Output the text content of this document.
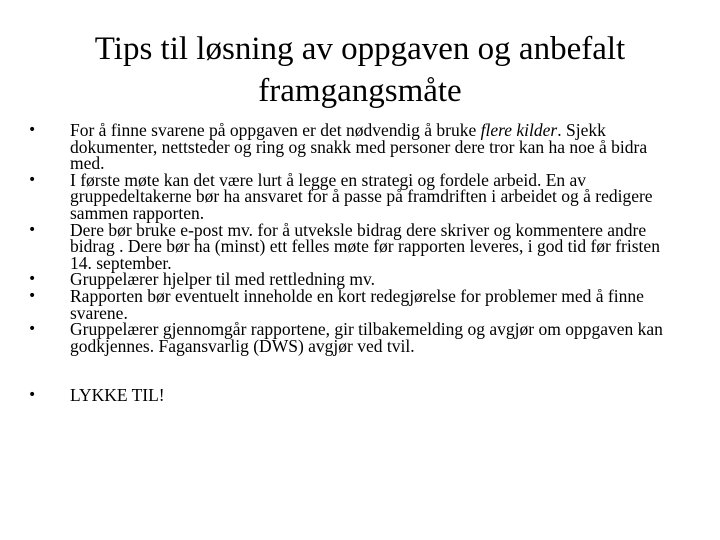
Tips til løsning av oppgaven og anbefalt framgangsmåte
•	For å finne svarene på oppgaven er det nødvendig å bruke flere kilder. Sjekk dokumenter, nettsteder og ring og snakk med personer dere tror kan ha noe å bidra med.
•	I første møte kan det være lurt å legge en strategi og fordele arbeid. En av gruppedeltakerne bør ha ansvaret for å passe på framdriften i arbeidet og å redigere sammen rapporten.
•	Dere bør bruke e-post mv. for å utveksle bidrag dere skriver og kommentere andre bidrag . Dere bør ha (minst) ett felles møte før rapporten leveres, i god tid før fristen 14. september.
•	Gruppelærer hjelper til med rettledning mv.
•	Rapporten bør eventuelt inneholde en kort redegjørelse for problemer med å finne svarene.
•	Gruppelærer gjennomgår rapportene, gir tilbakemelding og avgjør om oppgaven kan godkjennes. Fagansvarlig (DWS) avgjør ved tvil.
•	LYKKE TIL!
